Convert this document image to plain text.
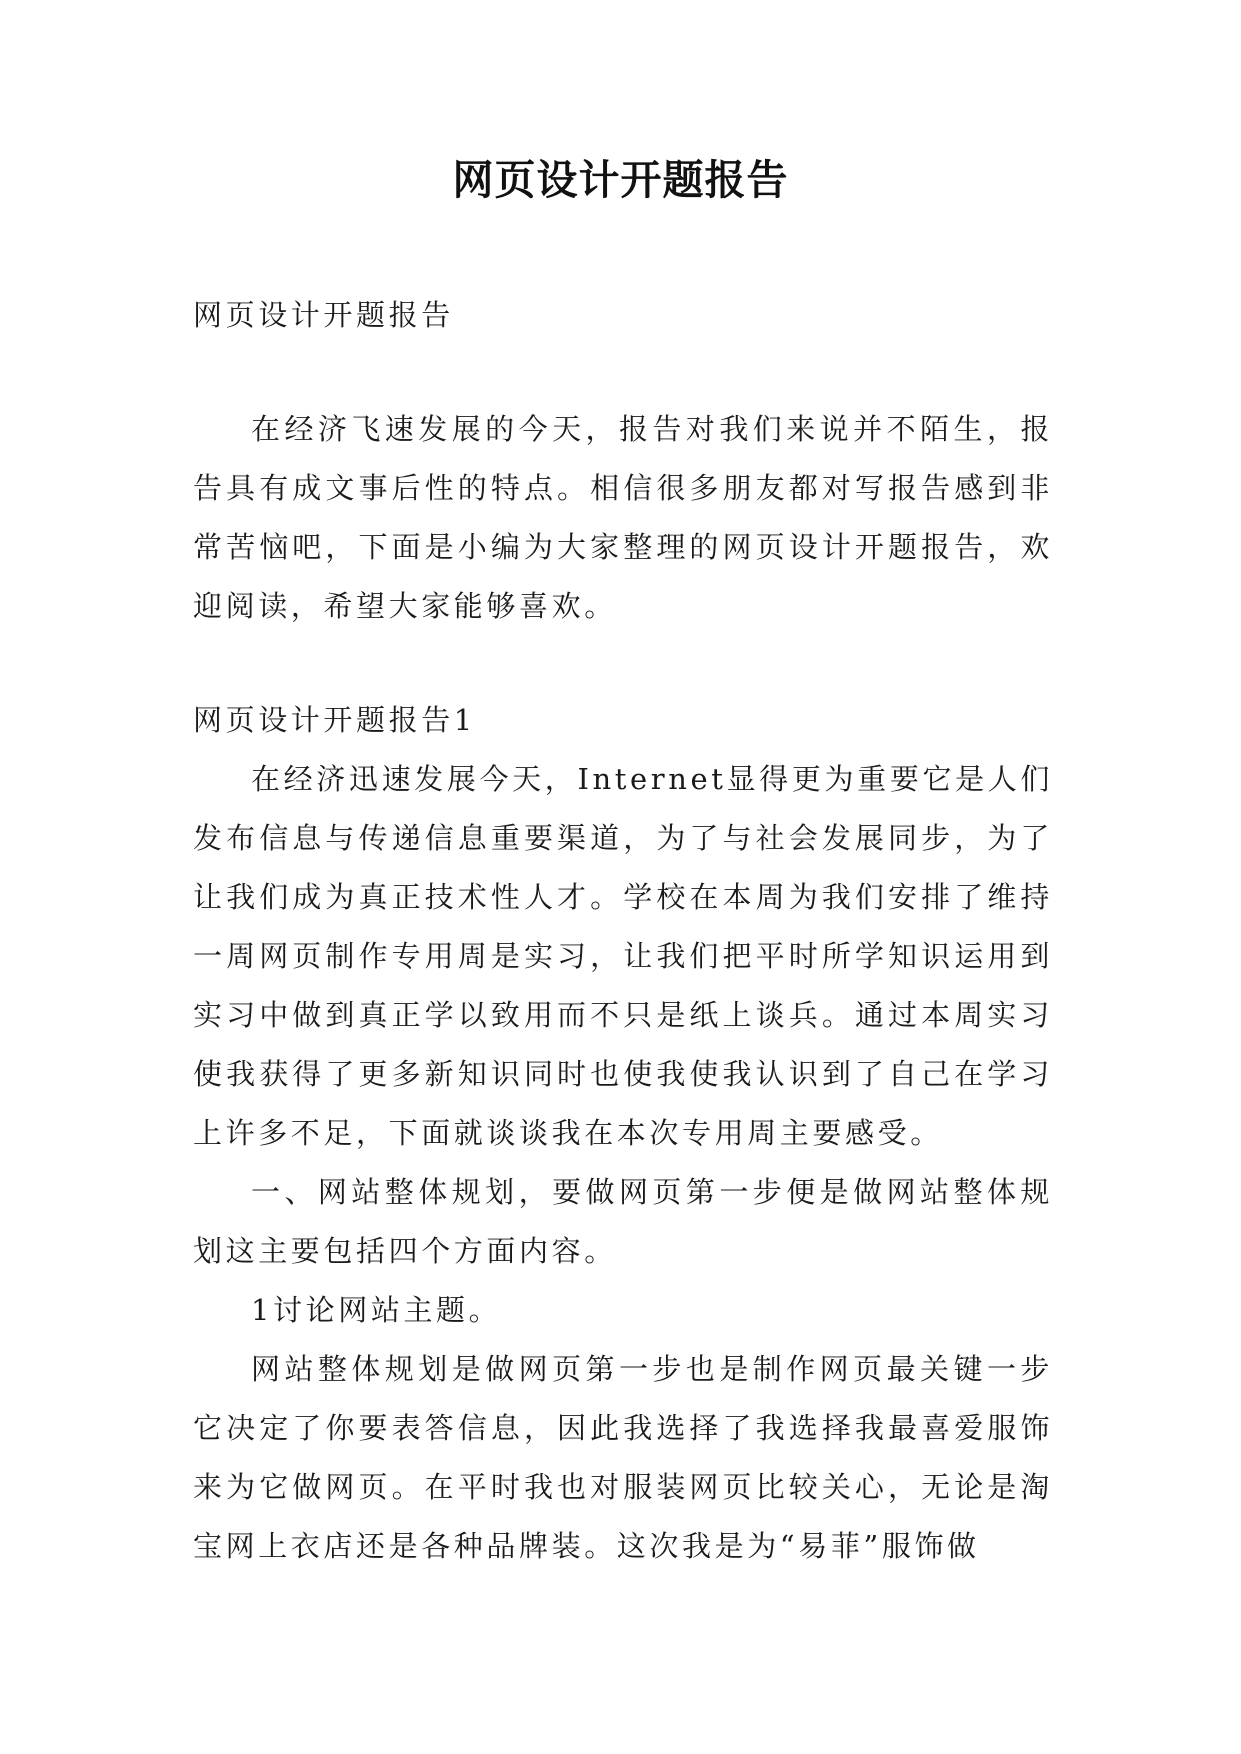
网页设计开题报告

网页设计开题报告

在经济飞速发展的今天，报告对我们来说并不陌生，报告具有成文事后性的特点。相信很多朋友都对写报告感到非常苦恼吧，下面是小编为大家整理的网页设计开题报告，欢迎阅读，希望大家能够喜欢。

网页设计开题报告1

在经济迅速发展今天，Internet显得更为重要它是人们发布信息与传递信息重要渠道，为了与社会发展同步，为了让我们成为真正技术性人才。学校在本周为我们安排了维持一周网页制作专用周是实习，让我们把平时所学知识运用到实习中做到真正学以致用而不只是纸上谈兵。通过本周实习使我获得了更多新知识同时也使我使我认识到了自己在学习上许多不足，下面就谈谈我在本次专用周主要感受。

一、网站整体规划，要做网页第一步便是做网站整体规划这主要包括四个方面内容。

1讨论网站主题。

网站整体规划是做网页第一步也是制作网页最关键一步它决定了你要表答信息，因此我选择了我选择我最喜爱服饰来为它做网页。在平时我也对服装网页比较关心，无论是淘宝网上衣店还是各种品牌装。这次我是为“易菲”服饰做
